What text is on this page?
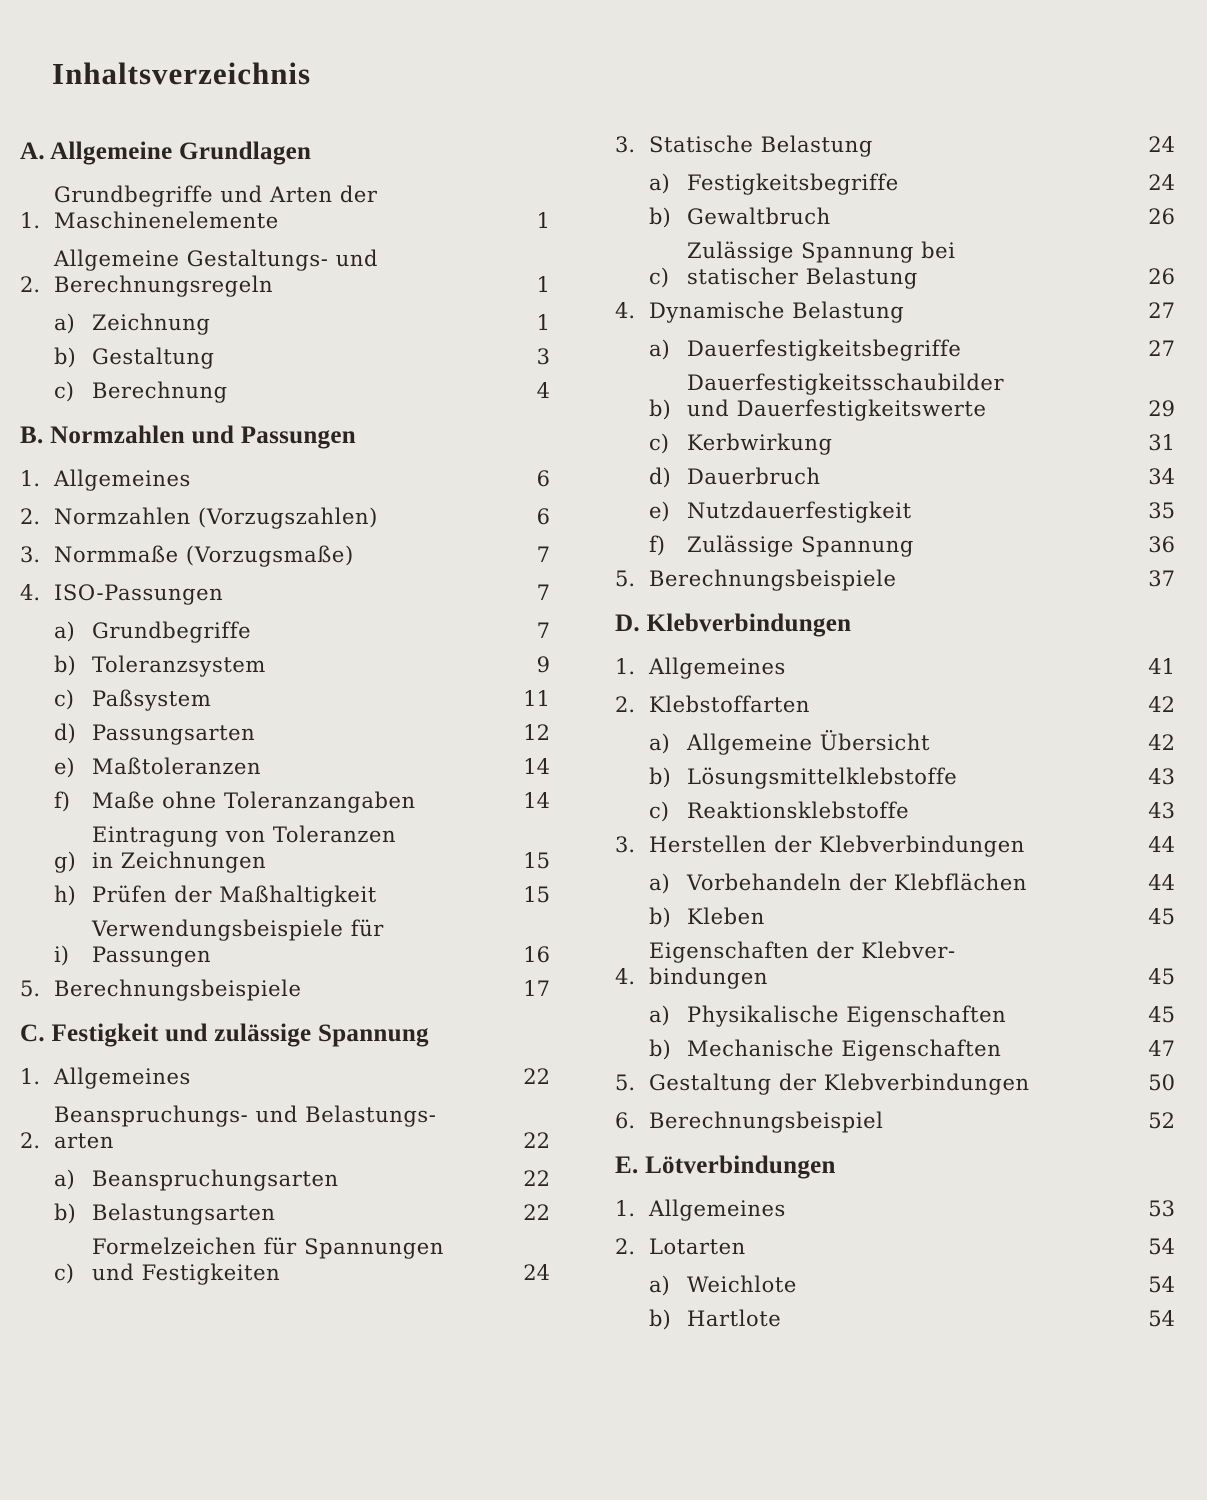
Inhaltsverzeichnis
A. Allgemeine Grundlagen
1.
Grundbegriffe und Arten der
Maschinenelemente	1
2.
Allgemeine Gestaltungs- und
Berechnungsregeln	1
a) Zeichnung	1
b) Gestaltung	3
c) Berechnung	4
B. Normzahlen und Passungen
1. Allgemeines	6
2. Normzahlen (Vorzugszahlen)	6
3. Normmaße (Vorzugsmaße)	7
4. ISO-Passungen	7
a) Grundbegriffe	7
b) Toleranzsystem	9
c) Paßsystem	11
d) Passungsarten	12
e) Maßtoleranzen	14
f)	Maße ohne Toleranzangaben	14
g)
Eintragung von Toleranzen
in Zeichnungen	15
h) Prüfen der Maßhaltigkeit	15
i)
Verwendungsbeispiele für
Passungen	16
5. Berechnungsbeispiele	17
C. Festigkeit und zulässige Spannung
1. Allgemeines	22
2.
Beanspruchungs- und Belastungs-
arten	22
a) Beanspruchungsarten	22
b) Belastungsarten	22
c)
Formelzeichen für Spannungen
und Festigkeiten	24
3. Statische Belastung	24
a) Festigkeitsbegriffe	24
b) Gewaltbruch	26
c)
Zulässige Spannung bei
statischer Belastung	26
4. Dynamische Belastung	27
a) Dauerfestigkeitsbegriffe	27
b)
Dauerfestigkeitsschaubilder
und Dauerfestigkeitswerte	29
c) Kerbwirkung	31
d) Dauerbruch	34
e) Nutzdauerfestigkeit	35
f)	Zulässige Spannung	36
5. Berechnungsbeispiele	37
D. Klebverbindungen
1. Allgemeines	41
2. Klebstoffarten	42
a) Allgemeine Übersicht	42
b) Lösungsmittelklebstoffe	43
c) Reaktionsklebstoffe	43
3. Herstellen der Klebverbindungen	44
a) Vorbehandeln der Klebflächen	44
b) Kleben	45
4.
Eigenschaften der Klebver-
bindungen	45
a) Physikalische Eigenschaften	45
b) Mechanische Eigenschaften	47
5. Gestaltung der Klebverbindungen	50
6. Berechnungsbeispiel	52
E. Lötverbindungen
1. Allgemeines	53
2. Lotarten	54
a) Weichlote	54
b) Hartlote	54
